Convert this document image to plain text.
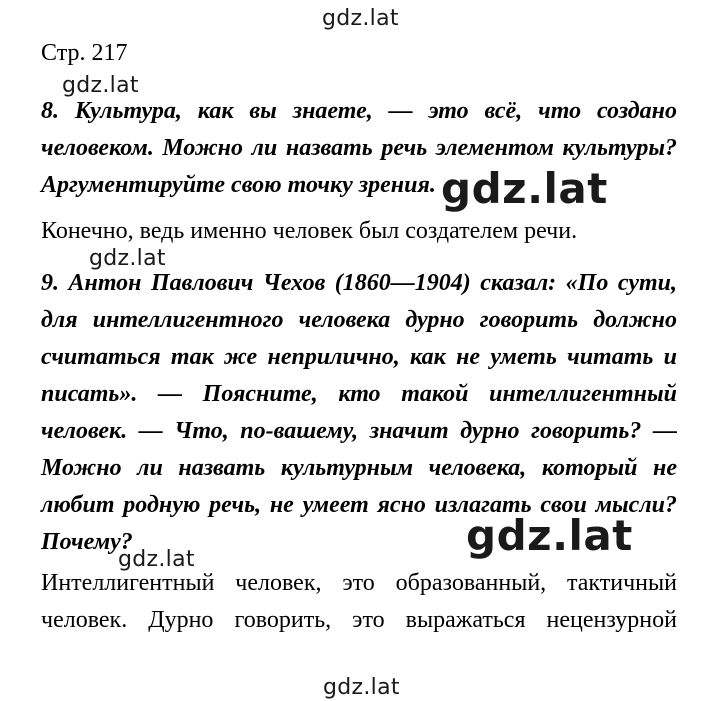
gdz.lat
gdz.lat
gdz.lat
gdz.lat
gdz.lat
gdz.lat
gdz.lat
Стр. 217
8. Культура, как вы знаете, — это всё, что создано
человеком. Можно ли назвать речь элементом культуры?
Аргументируйте свою точку зрения.
Конечно, ведь именно человек был создателем речи.
9. Антон Павлович Чехов (1860—1904) сказал: «По сути,
для интеллигентного человека дурно говорить должно
считаться так же неприлично, как не уметь читать и
писать». — Поясните, кто такой интеллигентный
человек. — Что, по-вашему, значит дурно говорить? —
Можно ли назвать культурным человека, который не
любит родную речь, не умеет ясно излагать свои мысли?
Почему?
Интеллигентный человек, это образованный, тактичный
человек. Дурно говорить, это выражаться нецензурной
